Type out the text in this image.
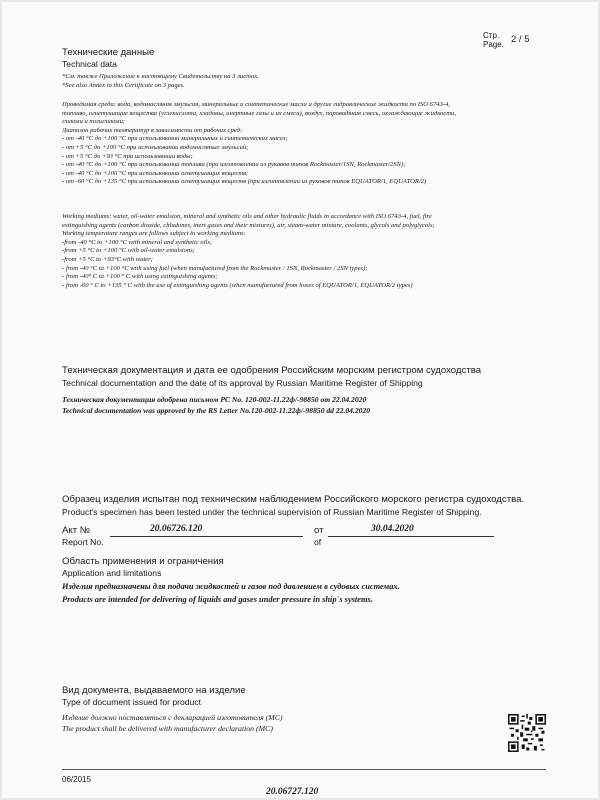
Стр.
Page. 2 / 5
Технические данные
Technical data
*См. также Приложение к настоящему Свидетельству на 3 листах.
*See also Annex to this Certificate on 3 pages.
Проводимая среда: вода, водомасляная эмульсия, минеральные и синтетические масла и другие гидравлические жидкости по ISO 6743-4,
топливо, огнетушащие вещества (углекислота, хладоны, инертные газы и их смеси), воздух, пароводяная смесь, охлаждающие жидкости,
гликоли и полигликоли;
Диапазон рабочих температур в зависимости от рабочих сред:
- от -40 °С до +100 °С при использовании минеральных и синтетических масел;
- от +5 °С до +100 °С при использовании водомасляных эмульсий;
- от +5 °С до +93 °С при использовании воды;
- от -40 °С до +100 °С при использовании топлива (при изготовлении из рукавов типов Rockmaster/1SN, Rockmaster/2SN);
- от -40 °С до +100 °С при использовании огнетушащих веществ;
- от -60 °С до +135 °С при использовании огнетушащих веществ (при изготовлении из рукавов типов EQUATOR/1, EQUATOR/2)
Working mediums: water, oil-water emulsion, mineral and synthetic oils and other hydraulic fluids in accordance with ISO 6743-4, fuel, fire
extinguishing agents (carbon dioxide, chladones, inert gases and their mixtures), air, steam-water mixture, coolants, glycols and polyglycols;
Working temperature ranges are follows subject to working mediums:
-from -40 °C to +100 °C with mineral and synthetic oils;
-from +5 °C to +100 °C with oil-water emulsions;
-from +5 °C to +93°C with water;
- from -40 °C to +100 °C with using fuel (when manufactured from the Rockmaster / 1SN, Rockmaster / 2SN types);
- from -40° C to +100 ° C with using extinguishing agents;
- from -60 ° C to +135 ° C with the use of extinguishing agents (when manufactured from hoses of EQUATOR/1, EQUATOR/2 types)
Техническая документация и дата ее одобрения Российским морским регистром судоходства
Technical documentation and the date of its approval by Russian Maritime Register of Shipping
Техническая документация одобрена письмом РС No. 120-002-11.22ф/-98850 от 22.04.2020
Technical documentation was approved by the RS Letter No.120-002-11.22ф/-98850 dd 22.04.2020
Образец изделия испытан под техническим наблюдением Российского морского регистра судоходства.
Product's specimen has been tested under the technical supervision of Russian Maritime Register of Shipping.
Акт №
Report No.
20.06726.120	от
of
30.04.2020
Область применения и ограничения
Application and limitations
Изделия предназначены для подачи жидкостей и газов под давлением в судовых системах.
Products are intended for delivering of liquids and gases under pressure in ship`s systems.
Вид документа, выдаваемого на изделие
Type of document issued for product
Изделие должно поставляться с декларацией изготовителя (МС)
The product shall be delivered with manufacturer declaration (МС)
06/2015
20.06727.120
